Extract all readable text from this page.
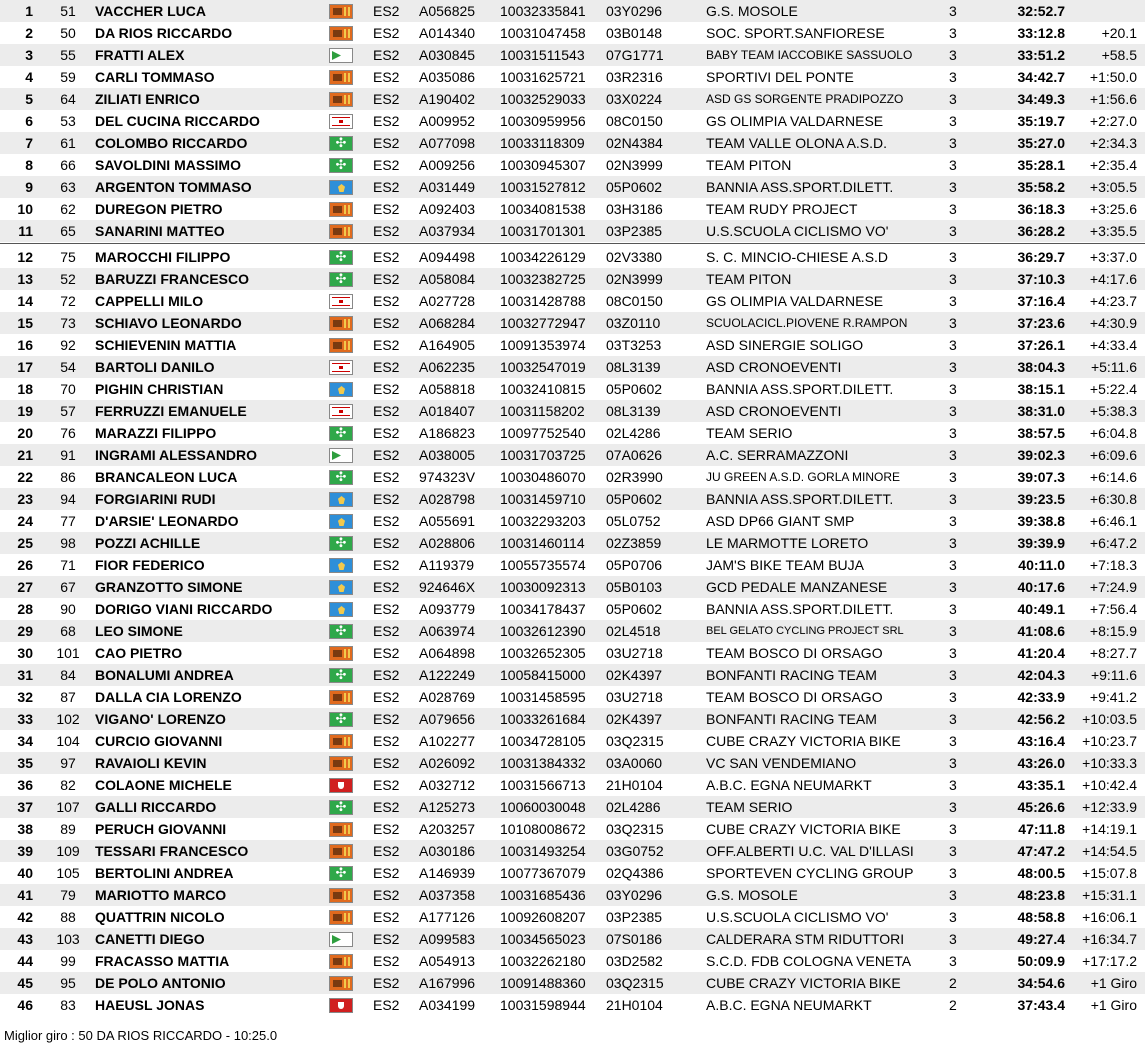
1	51	VACCHER LUCA	ES2 A056825 10032335841 03Y0296	G.S. MOSOLE	3	32:52.7
2	50	DA RIOS RICCARDO	ES2 A014340 10031047458 03B0148	SOC. SPORT.SANFIORESE	3	33:12.8	+20.1
3	55	FRATTI ALEX	ES2 A030845 10031511543 07G1771	BABY TEAM IACCOBIKE SASSUOLO	3	33:51.2	+58.5
4	59	CARLI TOMMASO	ES2 A035086 10031625721 03R2316	SPORTIVI DEL PONTE	3	34:42.7	+1:50.0
5	64	ZILIATI ENRICO	ES2 A190402 10032529033 03X0224	ASD GS SORGENTE PRADIPOZZO	3	34:49.3	+1:56.6
6	53	DEL CUCINA RICCARDO	ES2 A009952 10030959956 08C0150	GS OLIMPIA VALDARNESE	3	35:19.7	+2:27.0
7	61	COLOMBO RICCARDO	ES2 A077098 10033118309 02N4384	TEAM VALLE OLONA A.S.D.	3	35:27.0	+2:34.3
✣
8	66	SAVOLDINI MASSIMO	ES2 A009256 10030945307 02N3999	TEAM PITON	3	35:28.1	+2:35.4
✣
9	63	ARGENTON TOMMASO	ES2 A031449 10031527812 05P0602	BANNIA ASS.SPORT.DILETT.	3	35:58.2	+3:05.5
10	62	DUREGON PIETRO	ES2 A092403 10034081538 03H3186	TEAM RUDY PROJECT	3	36:18.3	+3:25.6
11	65	SANARINI MATTEO	ES2 A037934 10031701301 03P2385	U.S.SCUOLA CICLISMO VO'	3	36:28.2	+3:35.5
12	75	MAROCCHI FILIPPO	ES2 A094498 10034226129 02V3380	S. C. MINCIO-CHIESE A.S.D	3	36:29.7	+3:37.0
✣
13	52	BARUZZI FRANCESCO	ES2 A058084 10032382725 02N3999	TEAM PITON	3	37:10.3	+4:17.6
✣
14	72	CAPPELLI MILO	ES2 A027728 10031428788 08C0150	GS OLIMPIA VALDARNESE	3	37:16.4	+4:23.7
15	73	SCHIAVO LEONARDO	ES2 A068284 10032772947 03Z0110	SCUOLACICL.PIOVENE R.RAMPON	3	37:23.6	+4:30.9
16	92	SCHIEVENIN MATTIA	ES2 A164905 10091353974 03T3253	ASD SINERGIE SOLIGO	3	37:26.1	+4:33.4
17	54	BARTOLI DANILO	ES2 A062235 10032547019 08L3139	ASD CRONOEVENTI	3	38:04.3	+5:11.6
18	70	PIGHIN CHRISTIAN	ES2 A058818 10032410815 05P0602	BANNIA ASS.SPORT.DILETT.	3	38:15.1	+5:22.4
19	57	FERRUZZI EMANUELE	ES2 A018407 10031158202 08L3139	ASD CRONOEVENTI	3	38:31.0	+5:38.3
20	76	MARAZZI FILIPPO	ES2 A186823 10097752540 02L4286	TEAM SERIO	3	38:57.5	+6:04.8
✣
21	91	INGRAMI ALESSANDRO	ES2 A038005 10031703725 07A0626	A.C. SERRAMAZZONI	3	39:02.3	+6:09.6
22	86	BRANCALEON LUCA	ES2 974323V 10030486070 02R3990	JU GREEN A.S.D. GORLA MINORE	3	39:07.3	+6:14.6
✣
23	94	FORGIARINI RUDI	ES2 A028798 10031459710 05P0602	BANNIA ASS.SPORT.DILETT.	3	39:23.5	+6:30.8
24	77	D'ARSIE' LEONARDO	ES2 A055691 10032293203 05L0752	ASD DP66 GIANT SMP	3	39:38.8	+6:46.1
25	98	POZZI ACHILLE	ES2 A028806 10031460114 02Z3859	LE MARMOTTE LORETO	3	39:39.9	+6:47.2
✣
26	71	FIOR FEDERICO	ES2 A119379 10055735574 05P0706	JAM'S BIKE TEAM BUJA	3	40:11.0	+7:18.3
27	67	GRANZOTTO SIMONE	ES2 924646X 10030092313 05B0103	GCD PEDALE MANZANESE	3	40:17.6	+7:24.9
28	90	DORIGO VIANI RICCARDO	ES2 A093779 10034178437 05P0602	BANNIA ASS.SPORT.DILETT.	3	40:49.1	+7:56.4
29	68	LEO SIMONE	ES2 A063974 10032612390 02L4518	BEL GELATO CYCLING PROJECT SRL	3	41:08.6	+8:15.9
✣
30	101	CAO PIETRO	ES2 A064898 10032652305 03U2718	TEAM BOSCO DI ORSAGO	3	41:20.4	+8:27.7
31	84	BONALUMI ANDREA	ES2 A122249 10058415000 02K4397	BONFANTI RACING TEAM	3	42:04.3	+9:11.6
✣
32	87	DALLA CIA LORENZO	ES2 A028769 10031458595 03U2718	TEAM BOSCO DI ORSAGO	3	42:33.9	+9:41.2
33	102	VIGANO' LORENZO	ES2 A079656 10033261684 02K4397	BONFANTI RACING TEAM	3	42:56.2	+10:03.5
✣
34	104	CURCIO GIOVANNI	ES2 A102277 10034728105 03Q2315	CUBE CRAZY VICTORIA BIKE	3	43:16.4	+10:23.7
35	97	RAVAIOLI KEVIN	ES2 A026092 10031384332 03A0060	VC SAN VENDEMIANO	3	43:26.0	+10:33.3
36	82	COLAONE MICHELE	ES2 A032712 10031566713 21H0104	A.B.C. EGNA NEUMARKT	3	43:35.1	+10:42.4
37	107	GALLI RICCARDO	ES2 A125273 10060030048 02L4286	TEAM SERIO	3	45:26.6	+12:33.9
✣
38	89	PERUCH GIOVANNI	ES2 A203257 10108008672 03Q2315	CUBE CRAZY VICTORIA BIKE	3	47:11.8	+14:19.1
39	109	TESSARI FRANCESCO	ES2 A030186 10031493254 03G0752	OFF.ALBERTI U.C. VAL D'ILLASI	3	47:47.2	+14:54.5
40	105	BERTOLINI ANDREA	ES2 A146939 10077367079 02Q4386	SPORTEVEN CYCLING GROUP	3	48:00.5	+15:07.8
✣
41	79	MARIOTTO MARCO	ES2 A037358 10031685436 03Y0296	G.S. MOSOLE	3	48:23.8	+15:31.1
42	88	QUATTRIN NICOLO	ES2 A177126 10092608207 03P2385	U.S.SCUOLA CICLISMO VO'	3	48:58.8	+16:06.1
43	103	CANETTI DIEGO	ES2 A099583 10034565023 07S0186	CALDERARA STM RIDUTTORI	3	49:27.4	+16:34.7
44	99	FRACASSO MATTIA	ES2 A054913 10032262180 03D2582	S.C.D. FDB COLOGNA VENETA	3	50:09.9	+17:17.2
45	95	DE POLO ANTONIO	ES2 A167996 10091488360 03Q2315	CUBE CRAZY VICTORIA BIKE	2	34:54.6	+1 Giro
46	83	HAEUSL JONAS	ES2 A034199 10031598944 21H0104	A.B.C. EGNA NEUMARKT	2	37:43.4	+1 Giro
Miglior giro : 50 DA RIOS RICCARDO - 10:25.0
